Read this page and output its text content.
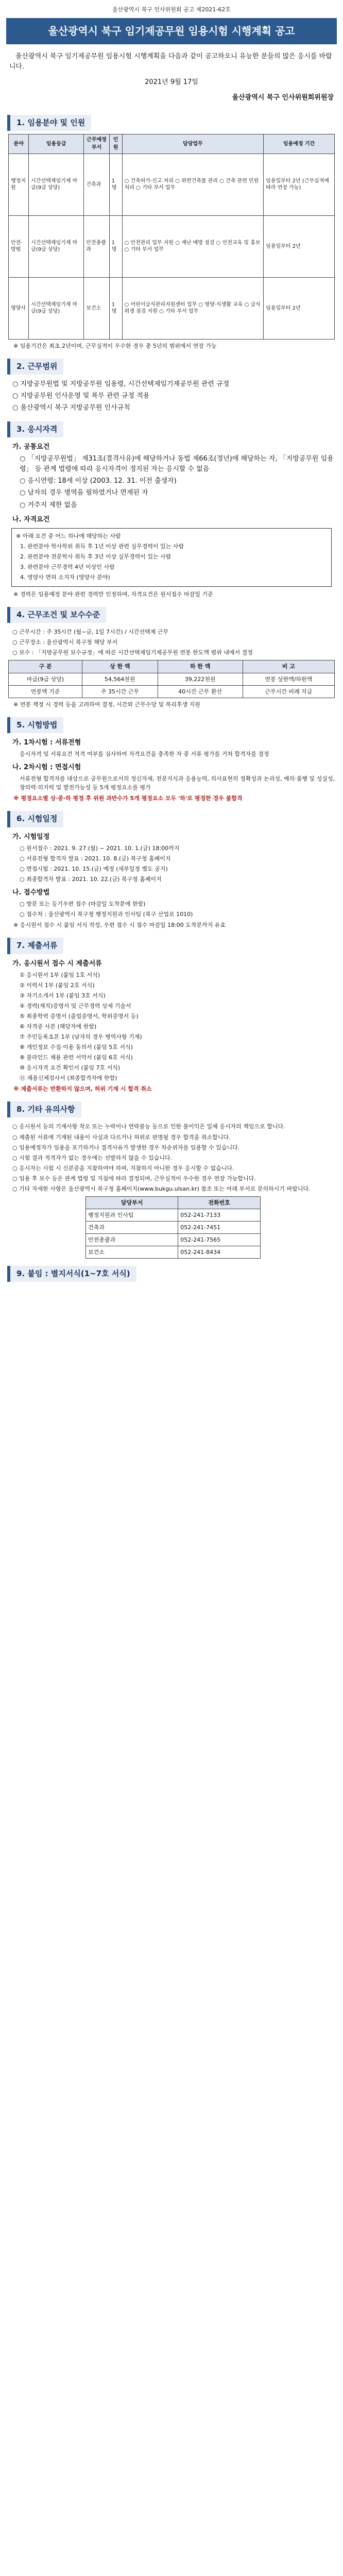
울산광역시 북구 인사위원회 공고 제2021-62호
울산광역시 북구 임기제공무원 임용시험 시행계획 공고
울산광역시 북구 임기제공무원 임용시험 시행계획을 다음과 같이 공고하오니 유능한 분들의 많은 응시를 바랍니다.
2021년 9월 17일
울산광역시 북구 인사위원회위원장
1. 임용분야 및 인원
분야	임용등급	근무예정부서	인원	담당업무	임용예정 기간
행정지원	시간선택제임기제 마급(9급 상당)	건축과	1명	○ 건축허가·신고 처리 ○ 위반건축물 관리 ○ 건축 관련 민원 처리 ○ 기타 부서 업무	임용일부터 2년 (근무실적에 따라 연장 가능)
안전·방범	시간선택제임기제 마급(9급 상당)	안전총괄과	1명	○ 안전관리 업무 지원 ○ 재난 예방 점검 ○ 안전교육 및 홍보 ○ 기타 부서 업무	임용일부터 2년
영양사	시간선택제임기제 마급(9급 상당)	보건소	1명	○ 어린이급식관리지원센터 업무 ○ 영양·식생활 교육 ○ 급식 위생 점검 지원 ○ 기타 부서 업무	임용일부터 2년
※ 임용기간은 최초 2년이며, 근무실적이 우수한 경우 총 5년의 범위에서 연장 가능
2. 근무범위
○ 지방공무원법 및 지방공무원 임용령, 시간선택제임기제공무원 관련 규정
○ 지방공무원 인사운영 및 복무 관련 규정 적용
○ 울산광역시 북구 지방공무원 인사규칙
3. 응시자격
가. 공통요건
○ 「지방공무원법」 제31조(결격사유)에 해당하거나 동법 제66조(정년)에 해당하는 자, 「지방공무원 임용령」 등 관계 법령에 따라 응시자격이 정지된 자는 응시할 수 없음
○ 응시연령: 18세 이상 (2003. 12. 31. 이전 출생자)
○ 남자의 경우 병역을 필하였거나 면제된 자
○ 거주지 제한 없음
나. 자격요건
※ 아래 요건 중 어느 하나에 해당하는 사람
1. 관련분야 학사학위 취득 후 1년 이상 관련 실무경력이 있는 사람
2. 관련분야 전문학사 취득 후 3년 이상 실무경력이 있는 사람
3. 관련분야 근무경력 4년 이상인 사람
4. 영양사 면허 소지자 (영양사 분야)
※ 경력은 임용예정 분야 관련 경력만 인정하며, 자격요건은 원서접수 마감일 기준
4. 근무조건 및 보수수준
○ 근무시간 : 주 35시간 (월~금, 1일 7시간) / 시간선택제 근무
○ 근무장소 : 울산광역시 북구청 해당 부서
○ 보수 : 「지방공무원 보수규정」에 따른 시간선택제임기제공무원 연봉 한도액 범위 내에서 결정
구 분	상 한 액	하 한 액	비 고
마급(9급 상당)	54,564천원	39,222천원	연봉 상한액/하한액
연봉액 기준	주 35시간 근무	40시간 근무 환산	근무시간 비례 지급
※ 연봉 책정 시 경력 등을 고려하여 결정, 시간외 근무수당 및 복리후생 지원
5. 시험방법
가. 1차시험 : 서류전형
응시자격 및 서류요건 적격 여부를 심사하여 자격요건을 충족한 자 중 서류 평가를 거쳐 합격자를 결정
나. 2차시험 : 면접시험
서류전형 합격자를 대상으로 공무원으로서의 정신자세, 전문지식과 응용능력, 의사표현의 정확성과 논리성, 예의·품행 및 성실성, 창의력·의지력 및 발전가능성 등 5개 평정요소를 평가
※ 평정요소별 상·중·하 평정 후 위원 과반수가 5개 평정요소 모두 '하'로 평정한 경우 불합격
6. 시험일정
가. 시험일정
○ 원서접수 : 2021. 9. 27.(월) ~ 2021. 10. 1.(금) 18:00까지
○ 서류전형 합격자 발표 : 2021. 10. 8.(금) 북구청 홈페이지
○ 면접시험 : 2021. 10. 15.(금) 예정 (세부일정 별도 공지)
○ 최종합격자 발표 : 2021. 10. 22.(금) 북구청 홈페이지
나. 접수방법
○ 방문 또는 등기우편 접수 (마감일 도착분에 한함)
○ 접수처 : 울산광역시 북구청 행정지원과 인사팀 (북구 산업로 1010)
※ 응시원서 접수 시 붙임 서식 작성, 우편 접수 시 접수 마감일 18:00 도착분까지 유효
7. 제출서류
가. 응시원서 접수 시 제출서류
① 응시원서 1부 (붙임 1호 서식)
② 이력서 1부 (붙임 2호 서식)
③ 자기소개서 1부 (붙임 3호 서식)
④ 경력(재직)증명서 및 근무경력 상세 기술서
⑤ 최종학력 증명서 (졸업증명서, 학위증명서 등)
⑥ 자격증 사본 (해당자에 한함)
⑦ 주민등록초본 1부 (남자의 경우 병역사항 기재)
⑧ 개인정보 수집·이용 동의서 (붙임 5호 서식)
⑨ 블라인드 채용 관련 서약서 (붙임 6호 서식)
⑩ 응시자격 요건 확인서 (붙임 7호 서식)
⑪ 채용신체검사서 (최종합격자에 한함)
※ 제출서류는 반환하지 않으며, 허위 기재 시 합격 취소
8. 기타 유의사항
○ 응시원서 등의 기재사항 착오 또는 누락이나 연락불능 등으로 인한 불이익은 일체 응시자의 책임으로 합니다.
○ 제출된 서류에 기재된 내용이 사실과 다르거나 허위로 판명될 경우 합격을 취소합니다.
○ 임용예정자가 임용을 포기하거나 결격사유가 발생한 경우 차순위자를 임용할 수 있습니다.
○ 시험 결과 적격자가 없는 경우에는 선발하지 않을 수 있습니다.
○ 응시자는 시험 시 신분증을 지참하여야 하며, 지참하지 아니한 경우 응시할 수 없습니다.
○ 임용 후 보수 등은 관계 법령 및 지침에 따라 결정되며, 근무실적이 우수한 경우 연장 가능합니다.
○ 기타 자세한 사항은 울산광역시 북구청 홈페이지(www.bukgu.ulsan.kr) 참조 또는 아래 부서로 문의하시기 바랍니다.
담당부서	전화번호
행정지원과 인사팀	052-241-7133
건축과	052-241-7451
안전총괄과	052-241-7565
보건소	052-241-8434
9. 붙임 : 별지서식(1~7호 서식)
